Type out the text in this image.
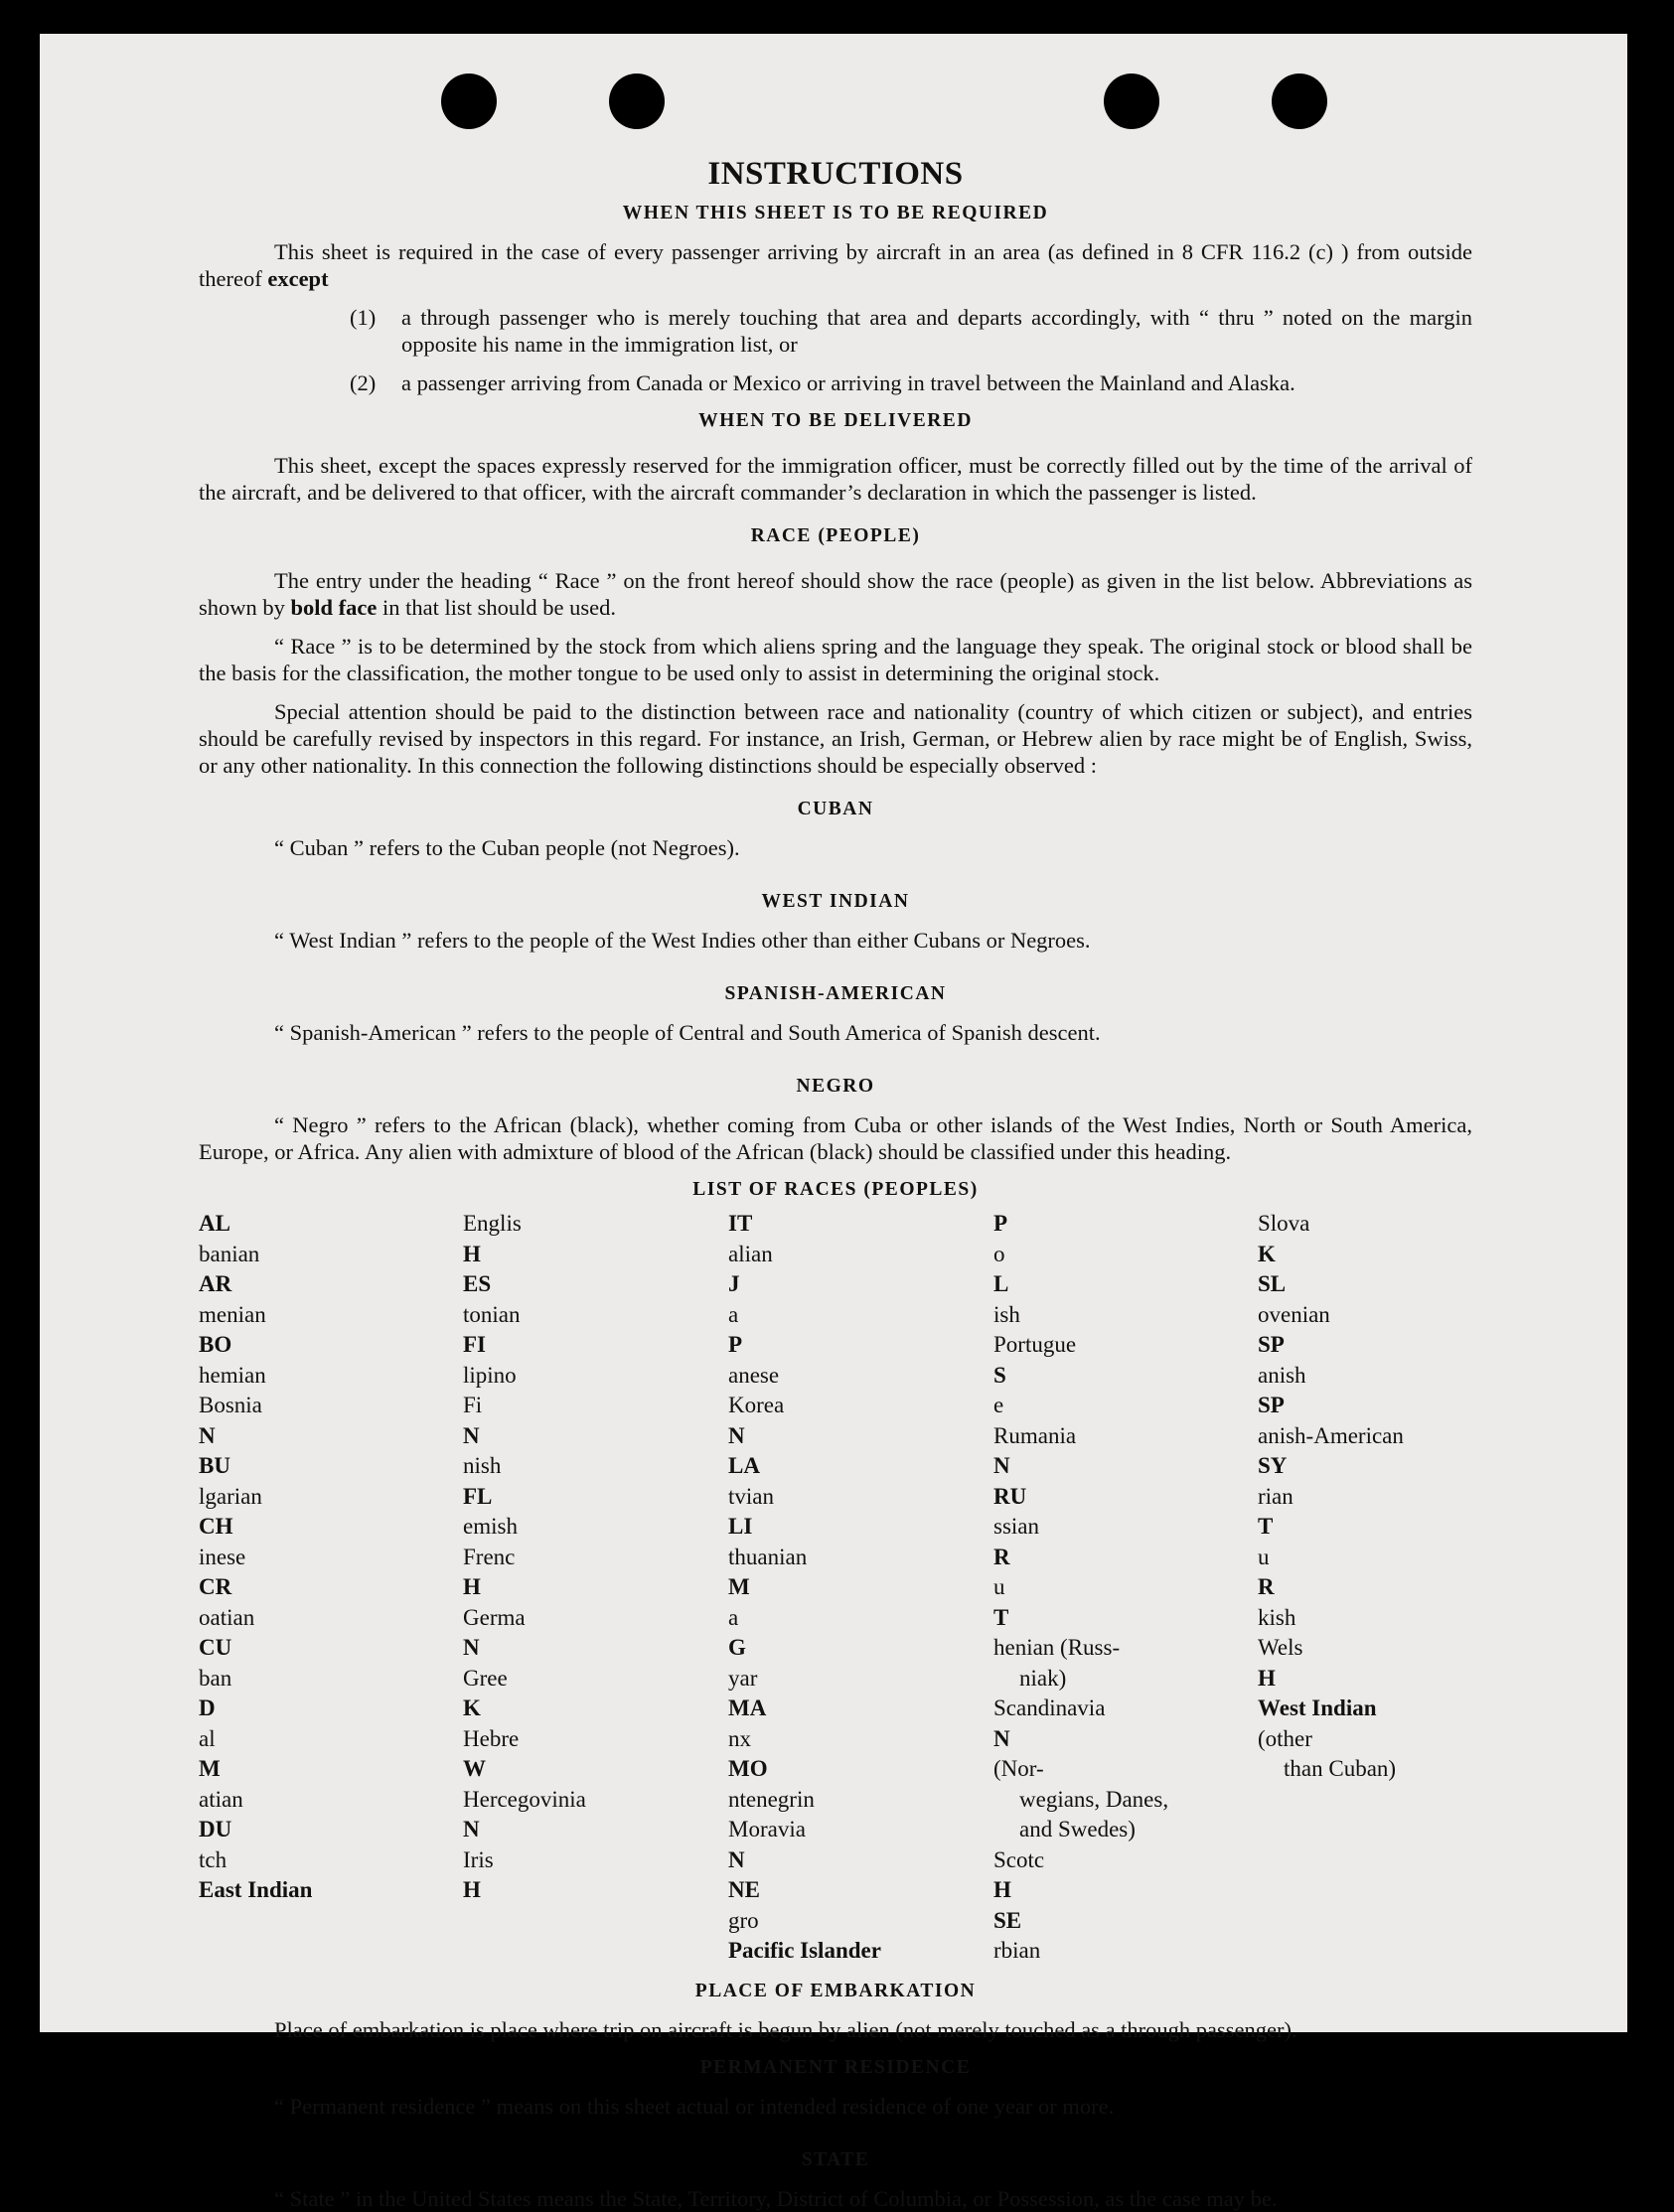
INSTRUCTIONS
WHEN THIS SHEET IS TO BE REQUIRED

This sheet is required in the case of every passenger arriving by aircraft in an area (as defined in 8 CFR 116.2 (c) ) from outside thereof except

(1)	a through passenger who is merely touching that area and departs accordingly, with “ thru ” noted on the margin opposite his name in the immigration list, or
(2)	a passenger arriving from Canada or Mexico or arriving in travel between the Mainland and Alaska.
WHEN TO BE DELIVERED

This sheet, except the spaces expressly reserved for the immigration officer, must be correctly filled out by the time of the arrival of the aircraft, and be delivered to that officer, with the aircraft commander’s declaration in which the passenger is listed.

RACE (PEOPLE)

The entry under the heading “ Race ” on the front hereof should show the race (people) as given in the list below. Abbreviations as shown by bold face in that list should be used.

“ Race ” is to be determined by the stock from which aliens spring and the language they speak. The original stock or blood shall be the basis for the classification, the mother tongue to be used only to assist in determining the original stock.

Special attention should be paid to the distinction between race and nationality (country of which citizen or subject), and entries should be carefully revised by inspectors in this regard. For instance, an Irish, German, or Hebrew alien by race might be of English, Swiss, or any other nationality. In this connection the following distinctions should be especially observed :

CUBAN

“ Cuban ” refers to the Cuban people (not Negroes).

WEST INDIAN

“ West Indian ” refers to the people of the West Indies other than either Cubans or Negroes.

SPANISH-AMERICAN

“ Spanish-American ” refers to the people of Central and South America of Spanish descent.

NEGRO

“ Negro ” refers to the African (black), whether coming from Cuba or other islands of the West Indies, North or South America, Europe, or Africa. Any alien with admixture of blood of the African (black) should be classified under this heading.

LIST OF RACES (PEOPLES)
AL
banian
AR
menian
BO
hemian
Bosnia
N
BU
lgarian
CH
inese
CR
oatian
CU
ban
D
al
M
atian
DU
tch
East Indian
Englis
H
ES
tonian
FI
lipino
Fi
N
nish
FL
emish
Frenc
H
Germa
N
Gree
K
Hebre
W
Hercegovinia
N
Iris
H
IT
alian
J
a
P
anese
Korea
N
LA
tvian
LI
thuanian
M
a
G
yar
MA
nx
MO
ntenegrin
Moravia
N
NE
gro
Pacific Islander
P
o
L
ish
Portugue
S
e
Rumania
N
RU
ssian
R
u
T
henian (Russ-
niak)
Scandinavia
N
(Nor-
wegians, Danes,
and Swedes)
Scotc
H
SE
rbian
Slova
K
SL
ovenian
SP
anish
SP
anish-American
SY
rian
T
u
R
kish
Wels
H
West Indian
(other
than Cuban)
PLACE OF EMBARKATION

Place of embarkation is place where trip on aircraft is begun by alien (not merely touched as a through passenger).

PERMANENT RESIDENCE

“ Permanent residence ” means on this sheet actual or intended residence of one year or more.

STATE

“ State ” in the United States means the State, Territory, District of Columbia, or Possession, as the case may be.
